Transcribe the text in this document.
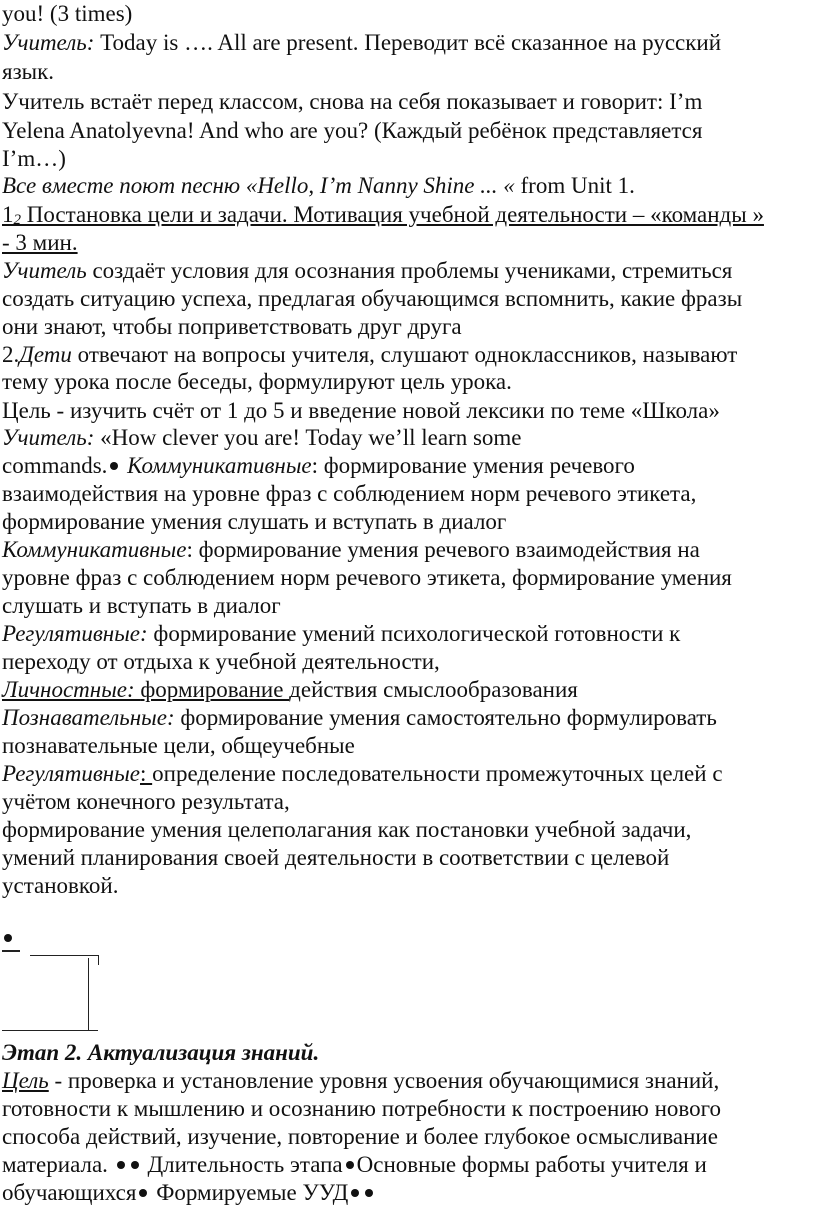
you! (3 times)
Учитель: Today is …. All are present. Переводит всё сказанное на русский
язык.
Учитель встаёт перед классом, снова на себя показывает и говорит: I’m
Yelena Anatolyevna! And who are you? (Каждый ребёнок представляется
I’m…)
Все вместе поют песню «Hello, I’m Nanny Shine ... « from Unit 1.
12 Постановка цели и задачи. Мотивация учебной деятельности – «команды »
- 3 мин.
Учитель создаёт условия для осознания проблемы учениками, стремиться
создать ситуацию успеха, предлагая обучающимся вспомнить, какие фразы
они знают, чтобы поприветствовать друг друга
2.Дети отвечают на вопросы учителя, слушают одноклассников, называют
тему урока после беседы, формулируют цель урока.
Цель - изучить счёт от 1 до 5 и введение новой лексики по теме «Школа»
Учитель: «How clever you are! Today we’ll learn some
commands. Коммуникативные: формирование умения речевого
взаимодействия на уровне фраз с соблюдением норм речевого этикета,
формирование умения слушать и вступать в диалог
Коммуникативные: формирование умения речевого взаимодействия на
уровне фраз с соблюдением норм речевого этикета, формирование умения
слушать и вступать в диалог
Регулятивные: формирование умений психологической готовности к
переходу от отдыха к учебной деятельности,
Личностные: формирование действия смыслообразования
Познавательные: формирование умения самостоятельно формулировать
познавательные цели, общеучебные
Регулятивные: определение последовательности промежуточных целей с
учётом конечного результата,
формирование умения целеполагания как постановки учебной задачи,
умений планирования своей деятельности в соответствии с целевой
установкой.
Этап 2. Актуализация знаний.
Цель - проверка и установление уровня усвоения обучающимися знаний,
готовности к мышлению и осознанию потребности к построению нового
способа действий, изучение, повторение и более глубокое осмысливание
материала.  Длительность этапа Основные формы работы учителя и
обучающихся Формируемые УУД
